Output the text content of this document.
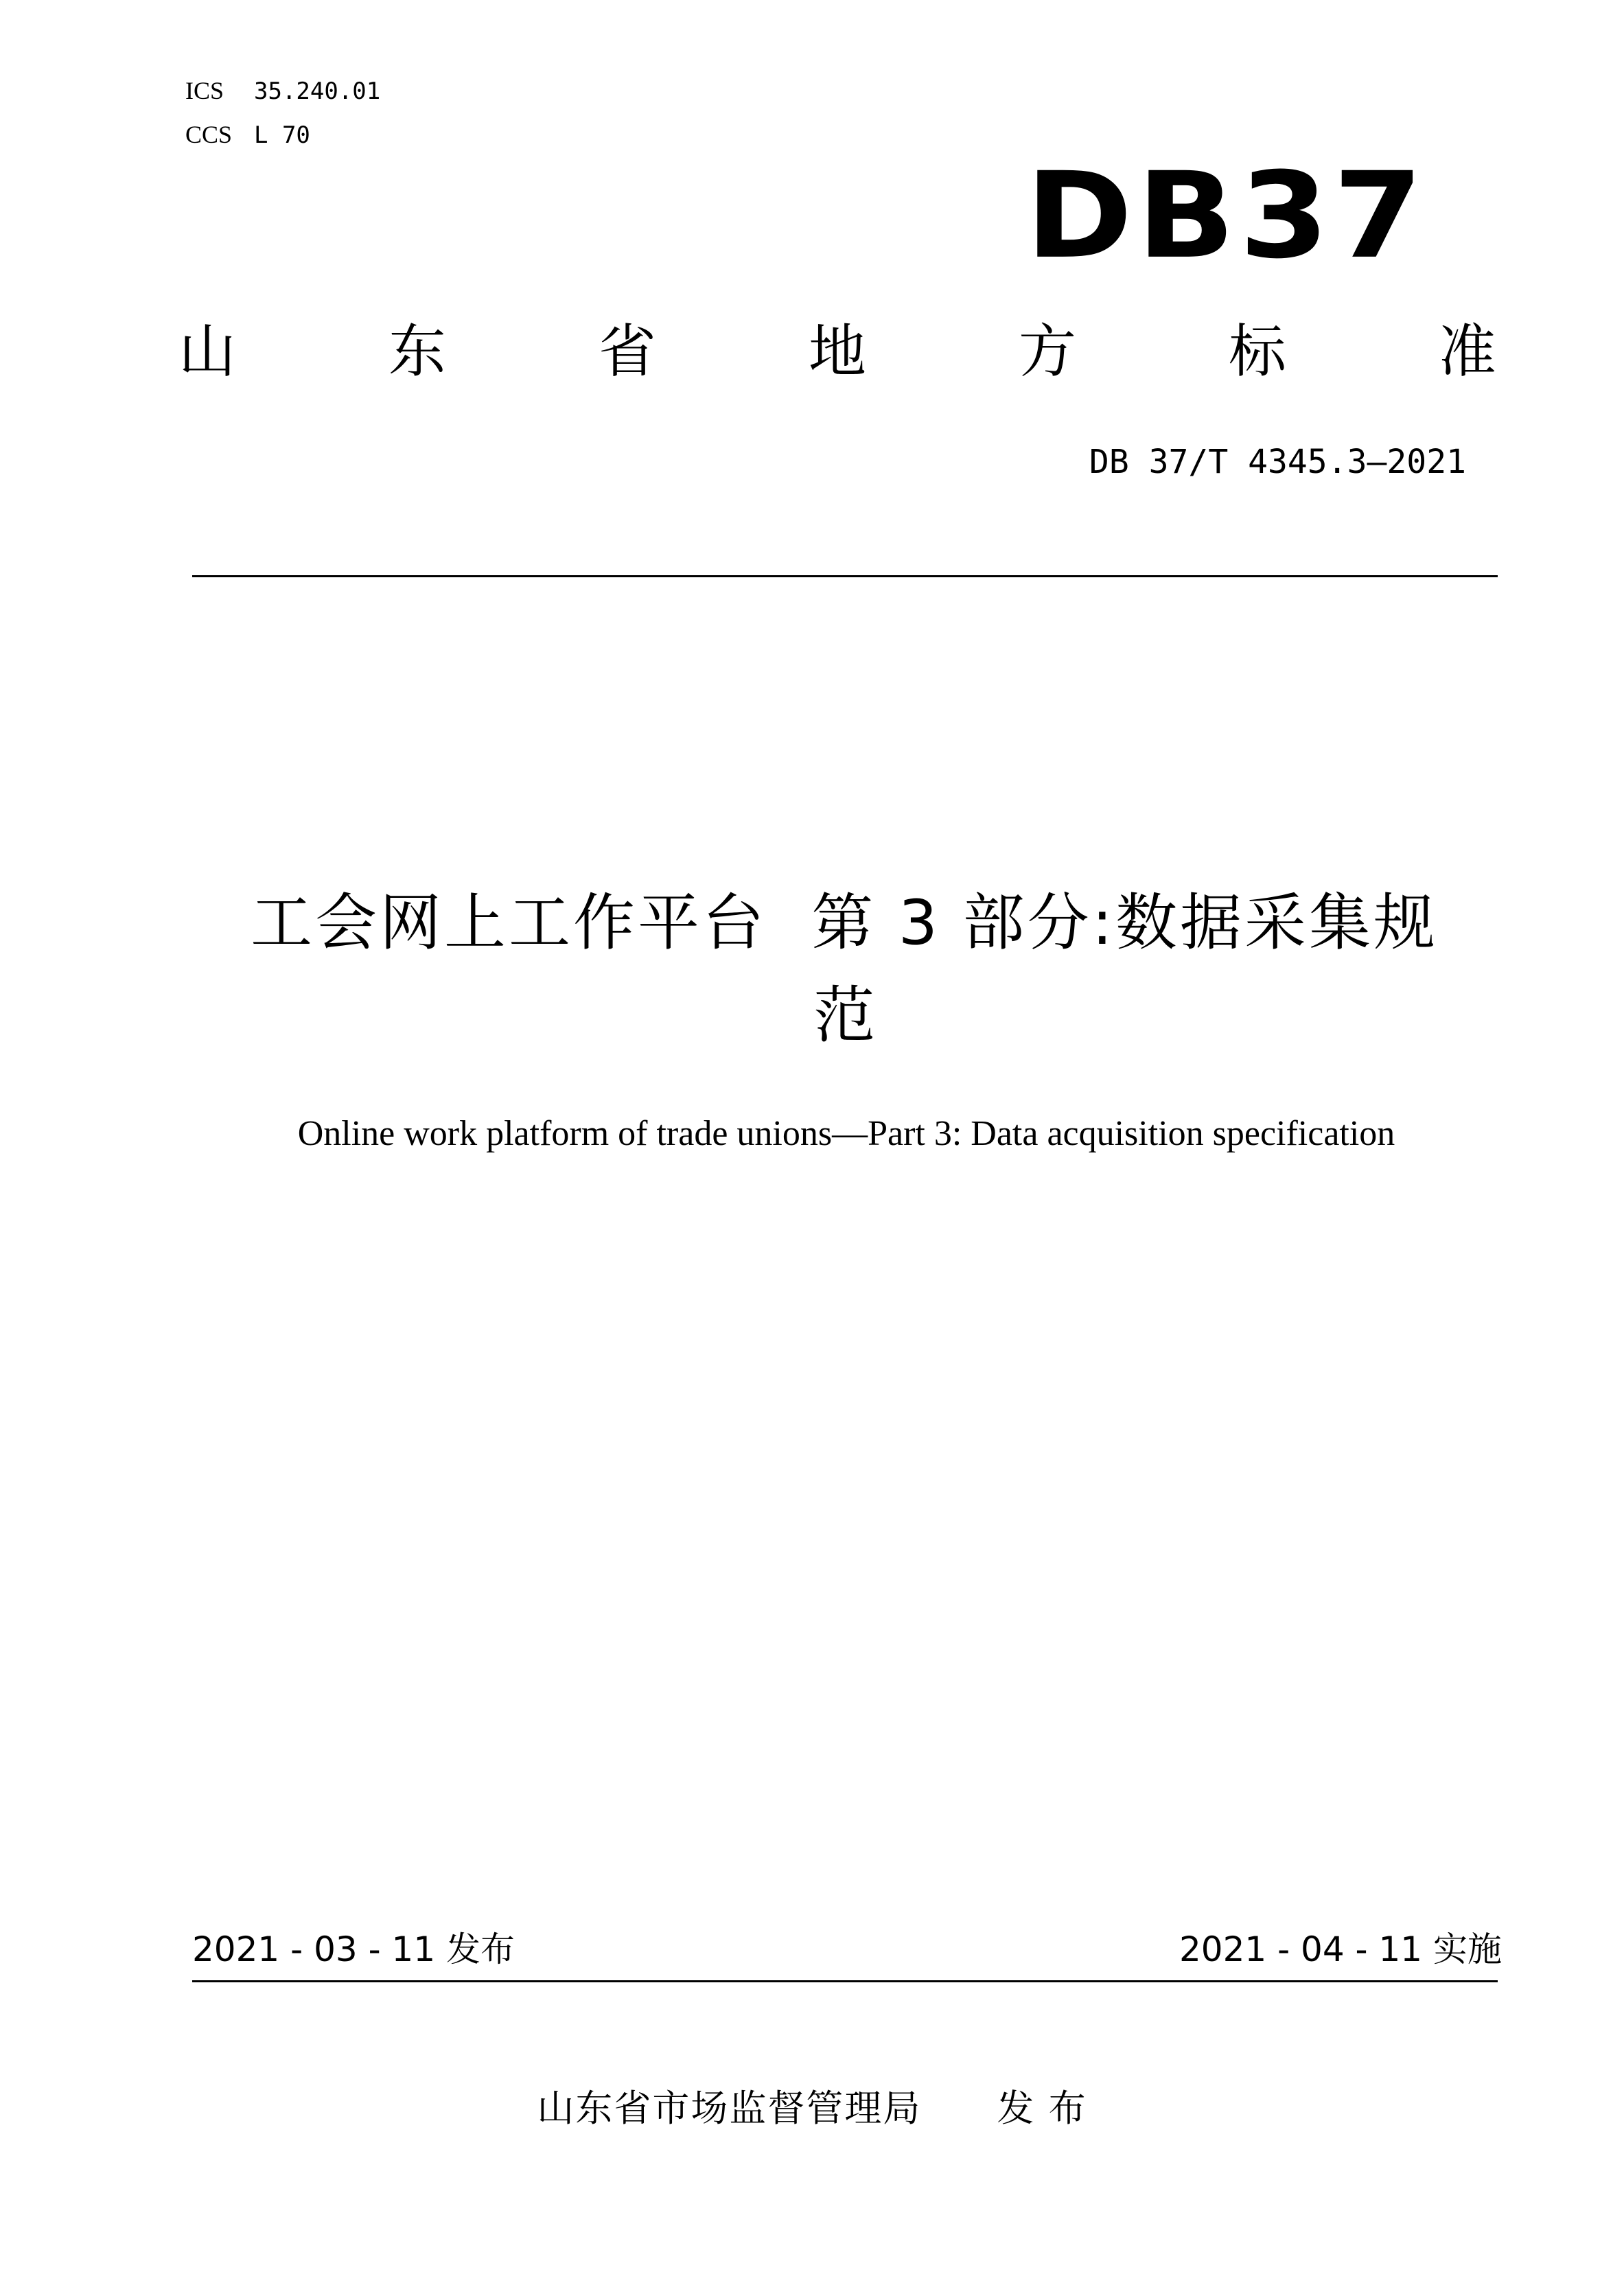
ICS 35.240.01
CCS L 70
DB37
山	东	省	地	方	标	准
DB 37/T 4345.3—2021
工会网上工作平台  第 3 部分:数据采集规
范
Online work platform of trade unions—Part 3: Data acquisition specification
2021 - 03 - 11 发布	2021 - 04 - 11 实施
山东省市场监督管理局 发 布
